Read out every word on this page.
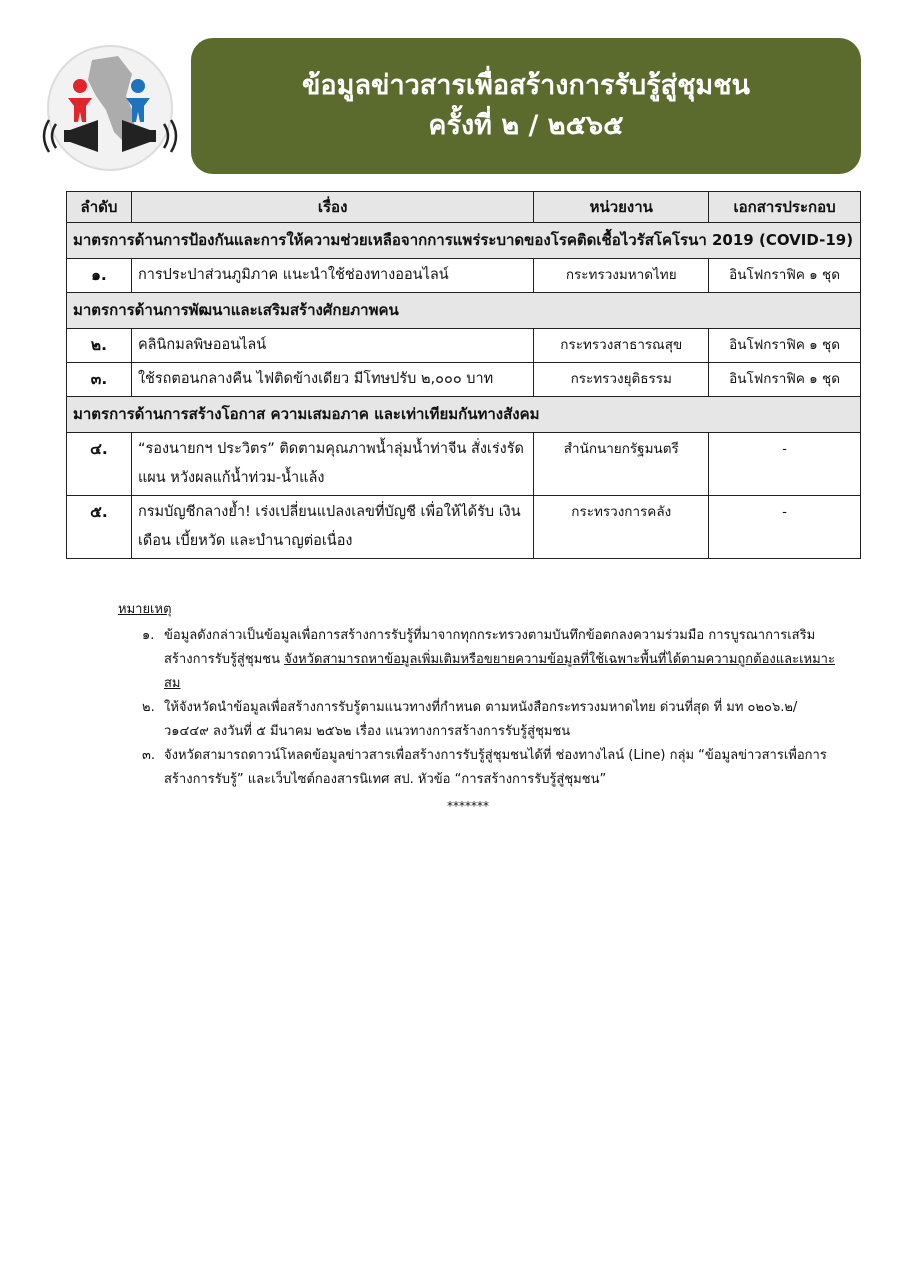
ข้อมูลข่าวสารเพื่อสร้างการรับรู้สู่ชุมชน
ครั้งที่ ๒ / ๒๕๖๕
ลำดับ	เรื่อง	หน่วยงาน	เอกสารประกอบ
มาตรการด้านการป้องกันและการให้ความช่วยเหลือจากการแพร่ระบาดของโรคติดเชื้อไวรัสโคโรนา 2019 (COVID-19)			
๑.	การประปาส่วนภูมิภาค แนะนำใช้ช่องทางออนไลน์	กระทรวงมหาดไทย	อินโฟกราฟิค ๑ ชุด
มาตรการด้านการพัฒนาและเสริมสร้างศักยภาพคน			
๒.	คลินิกมลพิษออนไลน์	กระทรวงสาธารณสุข	อินโฟกราฟิค ๑ ชุด
๓.	ใช้รถตอนกลางคืน ไฟติดข้างเดียว มีโทษปรับ ๒,๐๐๐ บาท	กระทรวงยุติธรรม	อินโฟกราฟิค ๑ ชุด
มาตรการด้านการสร้างโอกาส ความเสมอภาค และเท่าเทียมกันทางสังคม			
๔.	“รองนายกฯ ประวิตร” ติดตามคุณภาพน้ำลุ่มน้ำท่าจีน สั่งเร่งรัดแผน หวังผลแก้น้ำท่วม-น้ำแล้ง	สำนักนายกรัฐมนตรี	-
๕.	กรมบัญชีกลางย้ำ! เร่งเปลี่ยนแปลงเลขที่บัญชี เพื่อให้ได้รับ เงินเดือน เบี้ยหวัด และบำนาญต่อเนื่อง	กระทรวงการคลัง	-
หมายเหตุ
๑. ข้อมูลดังกล่าวเป็นข้อมูลเพื่อการสร้างการรับรู้ที่มาจากทุกกระทรวงตามบันทึกข้อตกลงความร่วมมือ การบูรณาการเสริมสร้างการรับรู้สู่ชุมชน จังหวัดสามารถหาข้อมูลเพิ่มเติมหรือขยายความข้อมูลที่ใช้เฉพาะพื้นที่ได้ตามความถูกต้องและเหมาะสม
๒. ให้จังหวัดนำข้อมูลเพื่อสร้างการรับรู้ตามแนวทางที่กำหนด ตามหนังสือกระทรวงมหาดไทย ด่วนที่สุด ที่ มท ๐๒๐๖.๒/ว๑๔๔๙ ลงวันที่ ๕ มีนาคม ๒๕๖๒ เรื่อง แนวทางการสร้างการรับรู้สู่ชุมชน
๓. จังหวัดสามารถดาวน์โหลดข้อมูลข่าวสารเพื่อสร้างการรับรู้สู่ชุมชนได้ที่ ช่องทางไลน์ (Line) กลุ่ม “ข้อมูลข่าวสารเพื่อการสร้างการรับรู้” และเว็บไซต์กองสารนิเทศ สป. หัวข้อ “การสร้างการรับรู้สู่ชุมชน”
*******
